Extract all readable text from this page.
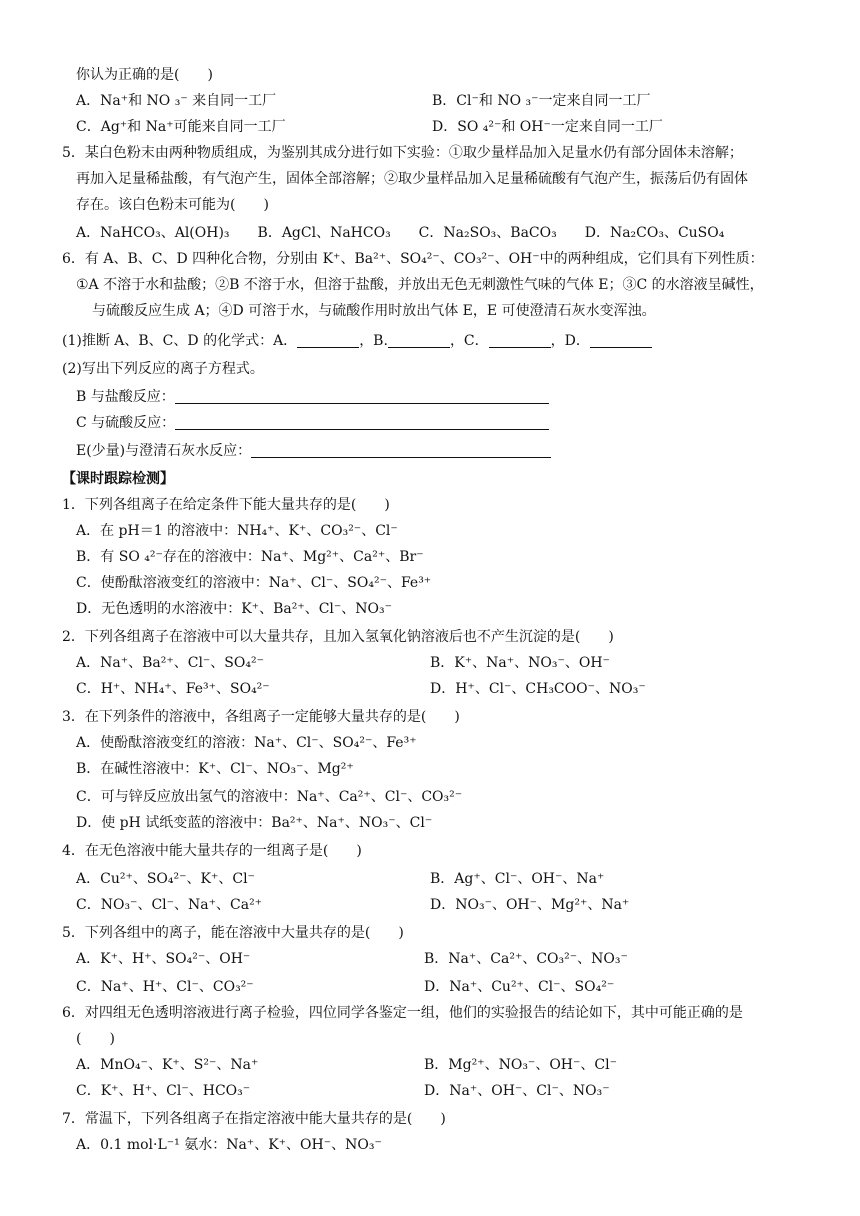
你认为正确的是(　　)
A．Na⁺和 NO ₃⁻ 来自同一工厂	B．Cl⁻和 NO ₃⁻一定来自同一工厂
C．Ag⁺和 Na⁺可能来自同一工厂	D．SO ₄²⁻和 OH⁻一定来自同一工厂
5．某白色粉末由两种物质组成，为鉴别其成分进行如下实验：①取少量样品加入足量水仍有部分固体未溶解；
再加入足量稀盐酸，有气泡产生，固体全部溶解；②取少量样品加入足量稀硫酸有气泡产生，振荡后仍有固体
存在。该白色粉末可能为(　　)
A．NaHCO₃、Al(OH)₃　　B．AgCl、NaHCO₃　　C．Na₂SO₃、BaCO₃　　D．Na₂CO₃、CuSO₄
6．有 A、B、C、D 四种化合物，分别由 K⁺、Ba²⁺、SO₄²⁻、CO₃²⁻、OH⁻中的两种组成，它们具有下列性质：
①A 不溶于水和盐酸；②B 不溶于水，但溶于盐酸，并放出无色无刺激性气味的气体 E；③C 的水溶液呈碱性，
与硫酸反应生成 A；④D 可溶于水，与硫酸作用时放出气体 E，E 可使澄清石灰水变浑浊。
(1)推断 A、B、C、D 的化学式：A．	，B.	，C．	，D．
(2)写出下列反应的离子方程式。
B 与盐酸反应：
C 与硫酸反应：
E(少量)与澄清石灰水反应：
【课时跟踪检测】
1．下列各组离子在给定条件下能大量共存的是(　　)
A．在 pH＝1 的溶液中：NH₄⁺、K⁺、CO₃²⁻、Cl⁻
B．有 SO ₄²⁻存在的溶液中：Na⁺、Mg²⁺、Ca²⁺、Br⁻
C．使酚酞溶液变红的溶液中：Na⁺、Cl⁻、SO₄²⁻、Fe³⁺
D．无色透明的水溶液中：K⁺、Ba²⁺、Cl⁻、NO₃⁻
2．下列各组离子在溶液中可以大量共存，且加入氢氧化钠溶液后也不产生沉淀的是(　　)
A．Na⁺、Ba²⁺、Cl⁻、SO₄²⁻	B．K⁺、Na⁺、NO₃⁻、OH⁻
C．H⁺、NH₄⁺、Fe³⁺、SO₄²⁻	D．H⁺、Cl⁻、CH₃COO⁻、NO₃⁻
3．在下列条件的溶液中，各组离子一定能够大量共存的是(　　)
A．使酚酞溶液变红的溶液：Na⁺、Cl⁻、SO₄²⁻、Fe³⁺
B．在碱性溶液中：K⁺、Cl⁻、NO₃⁻、Mg²⁺
C．可与锌反应放出氢气的溶液中：Na⁺、Ca²⁺、Cl⁻、CO₃²⁻
D．使 pH 试纸变蓝的溶液中：Ba²⁺、Na⁺、NO₃⁻、Cl⁻
4．在无色溶液中能大量共存的一组离子是(　　)
A．Cu²⁺、SO₄²⁻、K⁺、Cl⁻	B．Ag⁺、Cl⁻、OH⁻、Na⁺
C．NO₃⁻、Cl⁻、Na⁺、Ca²⁺	D．NO₃⁻、OH⁻、Mg²⁺、Na⁺
5．下列各组中的离子，能在溶液中大量共存的是(　　)
A．K⁺、H⁺、SO₄²⁻、OH⁻	B．Na⁺、Ca²⁺、CO₃²⁻、NO₃⁻
C．Na⁺、H⁺、Cl⁻、CO₃²⁻	D．Na⁺、Cu²⁺、Cl⁻、SO₄²⁻
6．对四组无色透明溶液进行离子检验，四位同学各鉴定一组，他们的实验报告的结论如下，其中可能正确的是
(　　)
A．MnO₄⁻、K⁺、S²⁻、Na⁺	B．Mg²⁺、NO₃⁻、OH⁻、Cl⁻
C．K⁺、H⁺、Cl⁻、HCO₃⁻	D．Na⁺、OH⁻、Cl⁻、NO₃⁻
7．常温下，下列各组离子在指定溶液中能大量共存的是(　　)
A．0.1 mol·L⁻¹ 氨水：Na⁺、K⁺、OH⁻、NO₃⁻
